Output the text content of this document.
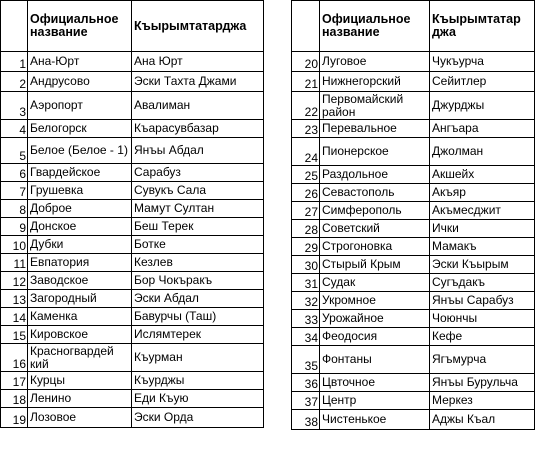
	Официальное название	Къырымтатарджа
1	Ана-Юрт	Ана Юрт
2	Андрусово	Эски Тахта Джами
3	Аэропорт	Авалиман
4	Белогорск	Къарасувбазар
5	Белое (Белое - 1)	Янъы Абдал
6	Гвардейское	Сарабуз
7	Грушевка	Сувукъ Сала
8	Доброе	Мамут Султан
9	Донское	Беш Терек
10	Дубки	Ботке
11	Евпатория	Кезлев
12	Заводское	Бор Чокъракъ
13	Загородный	Эски Абдал
14	Каменка	Бавурчы (Таш)
15	Кировское	Ислямтерек
16	Красногвардей кий	Къурман
17	Курцы	Къурджы
18	Ленино	Еди Къую
19	Лозовое	Эски Орда
	Официальное название	Къырымтатар джа
20	Луговое	Чукъурча
21	Нижнегорский	Сейитлер
22	Первомайский район	Джурджы
23	Перевальное	Ангъара
24	Пионерское	Джолман
25	Раздольное	Акшейх
26	Севастополь	Акъяр
27	Симферополь	Акъмесджит
28	Советский	Ички
29	Строгоновка	Мамакъ
30	Стырый Крым	Эски Къырым
31	Судак	Сугъдакъ
32	Укромное	Янъы Сарабуз
33	Урожайное	Чоюнчы
34	Феодосия	Кефе
35	Фонтаны	Ягъмурча
36	Цвточное	Янъы Бурульча
37	Центр	Меркез
38	Чистенькое	Аджы Къал
